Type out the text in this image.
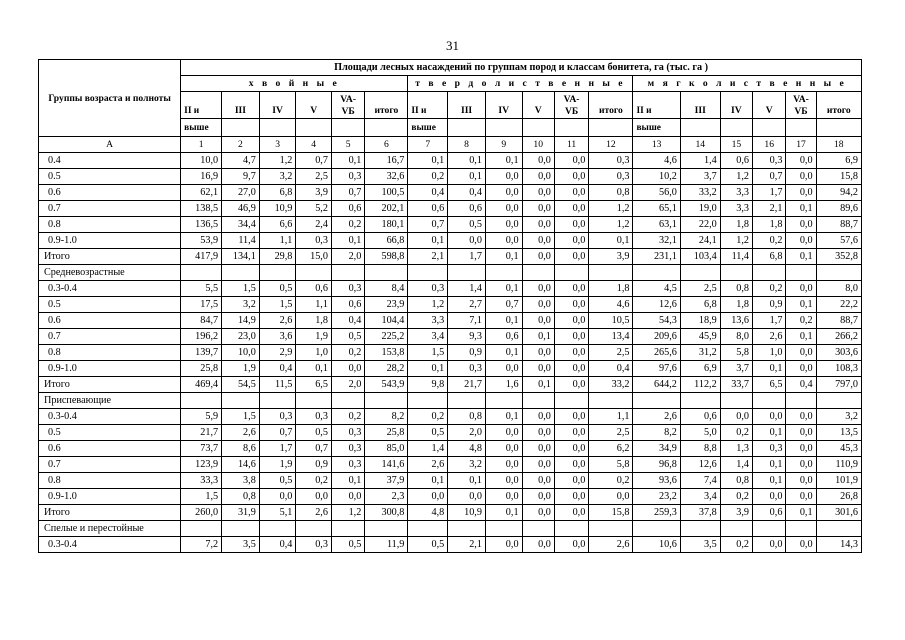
31
Группы возраста и полноты	Площади лесных насаждений по группам пород и классам бонитета, га (тыс. га )																	
	х в о й н ы е						т в е р д о л и с т в е н н ы е						м я г к о л и с т в е н н ы е					
	II и	III	IV	V	VA-VБ	итого	II и	III	IV	V	VA-VБ	итого	II и	III	IV	V	VA-VБ	итого
	выше						выше						выше					
А	1	2	3	4	5	6	7	8	9	10	11	12	13	14	15	16	17	18
0.4	10,0	4,7	1,2	0,7	0,1	16,7	0,1	0,1	0,1	0,0	0,0	0,3	4,6	1,4	0,6	0,3	0,0	6,9
0.5	16,9	9,7	3,2	2,5	0,3	32,6	0,2	0,1	0,0	0,0	0,0	0,3	10,2	3,7	1,2	0,7	0,0	15,8
0.6	62,1	27,0	6,8	3,9	0,7	100,5	0,4	0,4	0,0	0,0	0,0	0,8	56,0	33,2	3,3	1,7	0,0	94,2
0.7	138,5	46,9	10,9	5,2	0,6	202,1	0,6	0,6	0,0	0,0	0,0	1,2	65,1	19,0	3,3	2,1	0,1	89,6
0.8	136,5	34,4	6,6	2,4	0,2	180,1	0,7	0,5	0,0	0,0	0,0	1,2	63,1	22,0	1,8	1,8	0,0	88,7
0.9-1.0	53,9	11,4	1,1	0,3	0,1	66,8	0,1	0,0	0,0	0,0	0,0	0,1	32,1	24,1	1,2	0,2	0,0	57,6
Итого	417,9	134,1	29,8	15,0	2,0	598,8	2,1	1,7	0,1	0,0	0,0	3,9	231,1	103,4	11,4	6,8	0,1	352,8
Средневозрастные																		
0.3-0.4	5,5	1,5	0,5	0,6	0,3	8,4	0,3	1,4	0,1	0,0	0,0	1,8	4,5	2,5	0,8	0,2	0,0	8,0
0.5	17,5	3,2	1,5	1,1	0,6	23,9	1,2	2,7	0,7	0,0	0,0	4,6	12,6	6,8	1,8	0,9	0,1	22,2
0.6	84,7	14,9	2,6	1,8	0,4	104,4	3,3	7,1	0,1	0,0	0,0	10,5	54,3	18,9	13,6	1,7	0,2	88,7
0.7	196,2	23,0	3,6	1,9	0,5	225,2	3,4	9,3	0,6	0,1	0,0	13,4	209,6	45,9	8,0	2,6	0,1	266,2
0.8	139,7	10,0	2,9	1,0	0,2	153,8	1,5	0,9	0,1	0,0	0,0	2,5	265,6	31,2	5,8	1,0	0,0	303,6
0.9-1.0	25,8	1,9	0,4	0,1	0,0	28,2	0,1	0,3	0,0	0,0	0,0	0,4	97,6	6,9	3,7	0,1	0,0	108,3
Итого	469,4	54,5	11,5	6,5	2,0	543,9	9,8	21,7	1,6	0,1	0,0	33,2	644,2	112,2	33,7	6,5	0,4	797,0
Приспевающие																		
0.3-0.4	5,9	1,5	0,3	0,3	0,2	8,2	0,2	0,8	0,1	0,0	0,0	1,1	2,6	0,6	0,0	0,0	0,0	3,2
0.5	21,7	2,6	0,7	0,5	0,3	25,8	0,5	2,0	0,0	0,0	0,0	2,5	8,2	5,0	0,2	0,1	0,0	13,5
0.6	73,7	8,6	1,7	0,7	0,3	85,0	1,4	4,8	0,0	0,0	0,0	6,2	34,9	8,8	1,3	0,3	0,0	45,3
0.7	123,9	14,6	1,9	0,9	0,3	141,6	2,6	3,2	0,0	0,0	0,0	5,8	96,8	12,6	1,4	0,1	0,0	110,9
0.8	33,3	3,8	0,5	0,2	0,1	37,9	0,1	0,1	0,0	0,0	0,0	0,2	93,6	7,4	0,8	0,1	0,0	101,9
0.9-1.0	1,5	0,8	0,0	0,0	0,0	2,3	0,0	0,0	0,0	0,0	0,0	0,0	23,2	3,4	0,2	0,0	0,0	26,8
Итого	260,0	31,9	5,1	2,6	1,2	300,8	4,8	10,9	0,1	0,0	0,0	15,8	259,3	37,8	3,9	0,6	0,1	301,6
Спелые и перестойные																		
0.3-0.4	7,2	3,5	0,4	0,3	0,5	11,9	0,5	2,1	0,0	0,0	0,0	2,6	10,6	3,5	0,2	0,0	0,0	14,3
